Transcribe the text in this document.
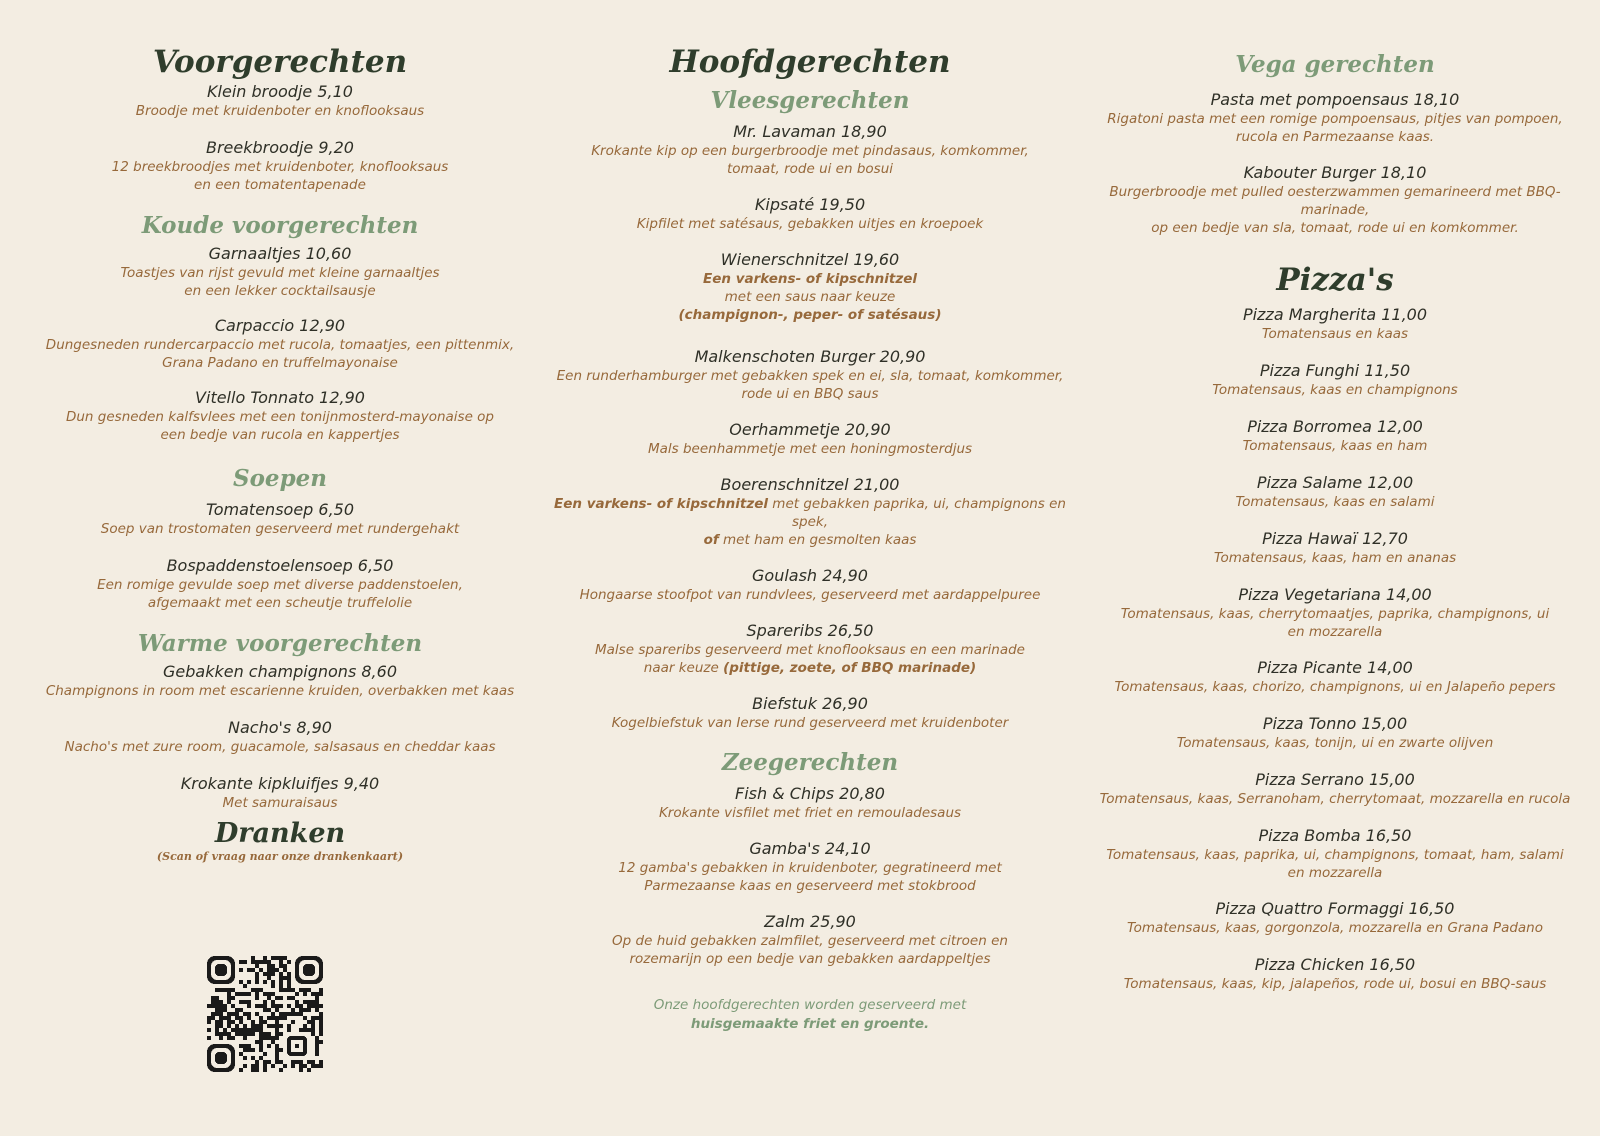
Voorgerechten
Klein broodje 5,10
Broodje met kruidenboter en knoflooksaus
Breekbroodje 9,20
12 breekbroodjes met kruidenboter, knoflooksaus
en een tomatentapenade
Koude voorgerechten
Garnaaltjes 10,60
Toastjes van rijst gevuld met kleine garnaaltjes
en een lekker cocktailsausje
Carpaccio 12,90
Dungesneden rundercarpaccio met rucola, tomaatjes, een pittenmix,
Grana Padano en truffelmayonaise
Vitello Tonnato 12,90
Dun gesneden kalfsvlees met een tonijnmosterd-mayonaise op
een bedje van rucola en kappertjes
Soepen
Tomatensoep 6,50
Soep van trostomaten geserveerd met rundergehakt
Bospaddenstoelensoep 6,50
Een romige gevulde soep met diverse paddenstoelen,
afgemaakt met een scheutje truffelolie
Warme voorgerechten
Gebakken champignons 8,60
Champignons in room met escarienne kruiden, overbakken met kaas
Nacho's 8,90
Nacho's met zure room, guacamole, salsasaus en cheddar kaas
Krokante kipkluifjes 9,40
Met samuraisaus
Dranken
(Scan of vraag naar onze drankenkaart)
Hoofdgerechten
Vleesgerechten
Mr. Lavaman 18,90
Krokante kip op een burgerbroodje met pindasaus, komkommer,
tomaat, rode ui en bosui
Kipsaté 19,50
Kipfilet met satésaus, gebakken uitjes en kroepoek
Wienerschnitzel 19,60
Een varkens- of kipschnitzel
met een saus naar keuze
(champignon-, peper- of satésaus)
Malkenschoten Burger 20,90
Een runderhamburger met gebakken spek en ei, sla, tomaat, komkommer,
rode ui en BBQ saus
Oerhammetje 20,90
Mals beenhammetje met een honingmosterdjus
Boerenschnitzel 21,00
Een varkens- of kipschnitzel met gebakken paprika, ui, champignons en spek,
of met ham en gesmolten kaas
Goulash 24,90
Hongaarse stoofpot van rundvlees, geserveerd met aardappelpuree
Spareribs 26,50
Malse spareribs geserveerd met knoflooksaus en een marinade
naar keuze (pittige, zoete, of BBQ marinade)
Biefstuk 26,90
Kogelbiefstuk van Ierse rund geserveerd met kruidenboter
Zeegerechten
Fish & Chips 20,80
Krokante visfilet met friet en remouladesaus
Gamba's 24,10
12 gamba's gebakken in kruidenboter, gegratineerd met
Parmezaanse kaas en geserveerd met stokbrood
Zalm 25,90
Op de huid gebakken zalmfilet, geserveerd met citroen en
rozemarijn op een bedje van gebakken aardappeltjes
Onze hoofdgerechten worden geserveerd met
huisgemaakte friet en groente.
Vega gerechten
Pasta met pompoensaus 18,10
Rigatoni pasta met een romige pompoensaus, pitjes van pompoen,
rucola en Parmezaanse kaas.
Kabouter Burger 18,10
Burgerbroodje met pulled oesterzwammen gemarineerd met BBQ-marinade,
op een bedje van sla, tomaat, rode ui en komkommer.
Pizza's
Pizza Margherita 11,00
Tomatensaus en kaas
Pizza Funghi 11,50
Tomatensaus, kaas en champignons
Pizza Borromea 12,00
Tomatensaus, kaas en ham
Pizza Salame 12,00
Tomatensaus, kaas en salami
Pizza Hawaï 12,70
Tomatensaus, kaas, ham en ananas
Pizza Vegetariana 14,00
Tomatensaus, kaas, cherrytomaatjes, paprika, champignons, ui
en mozzarella
Pizza Picante 14,00
Tomatensaus, kaas, chorizo, champignons, ui en Jalapeño pepers
Pizza Tonno 15,00
Tomatensaus, kaas, tonijn, ui en zwarte olijven
Pizza Serrano 15,00
Tomatensaus, kaas, Serranoham, cherrytomaat, mozzarella en rucola
Pizza Bomba 16,50
Tomatensaus, kaas, paprika, ui, champignons, tomaat, ham, salami
en mozzarella
Pizza Quattro Formaggi 16,50
Tomatensaus, kaas, gorgonzola, mozzarella en Grana Padano
Pizza Chicken 16,50
Tomatensaus, kaas, kip, jalapeños, rode ui, bosui en BBQ-saus
